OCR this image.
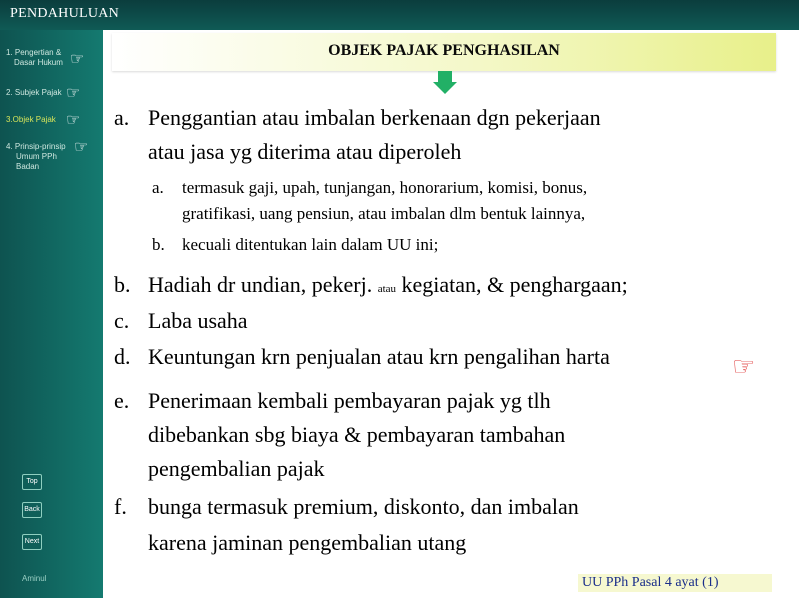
PENDAHULUAN
1. Pengertian &
Dasar Hukum ☞
2. Subjek Pajak ☞
3.Objek Pajak ☞
4. Prinsip-prinsip
Umum PPh
Badan
☞
Top
Back
Next
Aminul
OBJEK PAJAK PENGHASILAN
a. Penggantian atau imbalan berkenaan dgn pekerjaan
atau jasa yg diterima atau diperoleh
a. termasuk gaji, upah, tunjangan, honorarium, komisi, bonus,
gratifikasi, uang pensiun, atau imbalan dlm bentuk lainnya,
b. kecuali ditentukan lain dalam UU ini;
b. Hadiah dr undian, pekerj. atau kegiatan, & penghargaan;
c. Laba usaha
d. Keuntungan krn penjualan atau krn pengalihan harta	☞
e. Penerimaan kembali pembayaran pajak yg tlh
dibebankan sbg biaya & pembayaran tambahan
pengembalian pajak
f. bunga termasuk premium, diskonto, dan imbalan
karena jaminan pengembalian utang
UU PPh Pasal 4 ayat (1)
